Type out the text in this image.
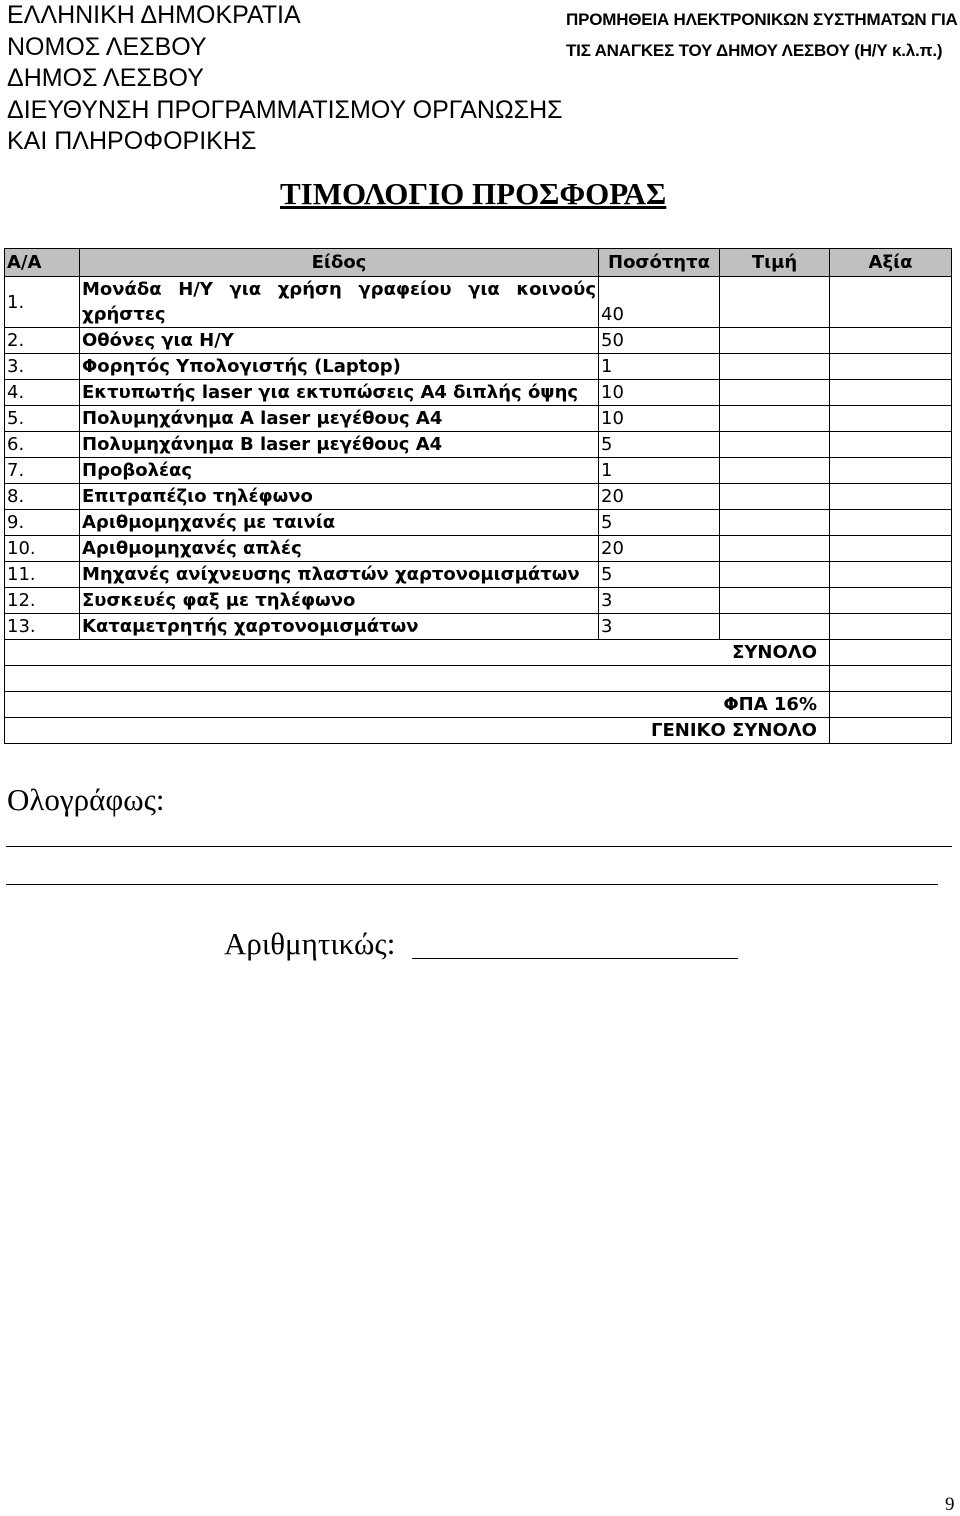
ΕΛΛΗΝΙΚΗ ΔΗΜΟΚΡΑΤΙΑ
ΝΟΜΟΣ ΛΕΣΒΟΥ
ΔΗΜΟΣ ΛΕΣΒΟΥ
ΔΙΕΥΘΥΝΣΗ ΠΡΟΓΡΑΜΜΑΤΙΣΜΟΥ ΟΡΓΑΝΩΣΗΣ
ΚΑΙ ΠΛΗΡΟΦΟΡΙΚΗΣ
ΠΡΟΜΗΘΕΙΑ ΗΛΕΚΤΡΟΝΙΚΩΝ ΣΥΣΤΗΜΑΤΩΝ ΓΙΑ
ΤΙΣ ΑΝΑΓΚΕΣ ΤΟΥ ΔΗΜΟΥ ΛΕΣΒΟΥ (Η/Υ κ.λ.π.)
ΤΙΜΟΛΟΓΙΟ ΠΡΟΣΦΟΡΑΣ
Α/Α	Είδος	Ποσότητα	Τιμή	Αξία
1.	Μονάδα Η/Υ για χρήση γραφείου για κοινούς χρήστες	40		
2.	Οθόνες για Η/Υ	50		
3.	Φορητός Υπολογιστής (Laptop)	1		
4.	Εκτυπωτής laser για εκτυπώσεις Α4 διπλής όψης	10		
5.	Πολυμηχάνημα Α laser μεγέθους Α4	10		
6.	Πολυμηχάνημα Β laser μεγέθους Α4	5		
7.	Προβολέας	1		
8.	Επιτραπέζιο τηλέφωνο	20		
9.	Αριθμομηχανές με ταινία	5		
10.	Αριθμομηχανές απλές	20		
11.	Μηχανές ανίχνευσης πλαστών χαρτονομισμάτων	5		
12.	Συσκευές φαξ με τηλέφωνο	3		
13.	Καταμετρητής χαρτονομισμάτων	3		
ΣΥΝΟΛΟ				

ΦΠΑ 16%				
ΓΕΝΙΚΟ ΣΥΝΟΛΟ				
Ολογράφως:
Αριθμητικώς:
9
